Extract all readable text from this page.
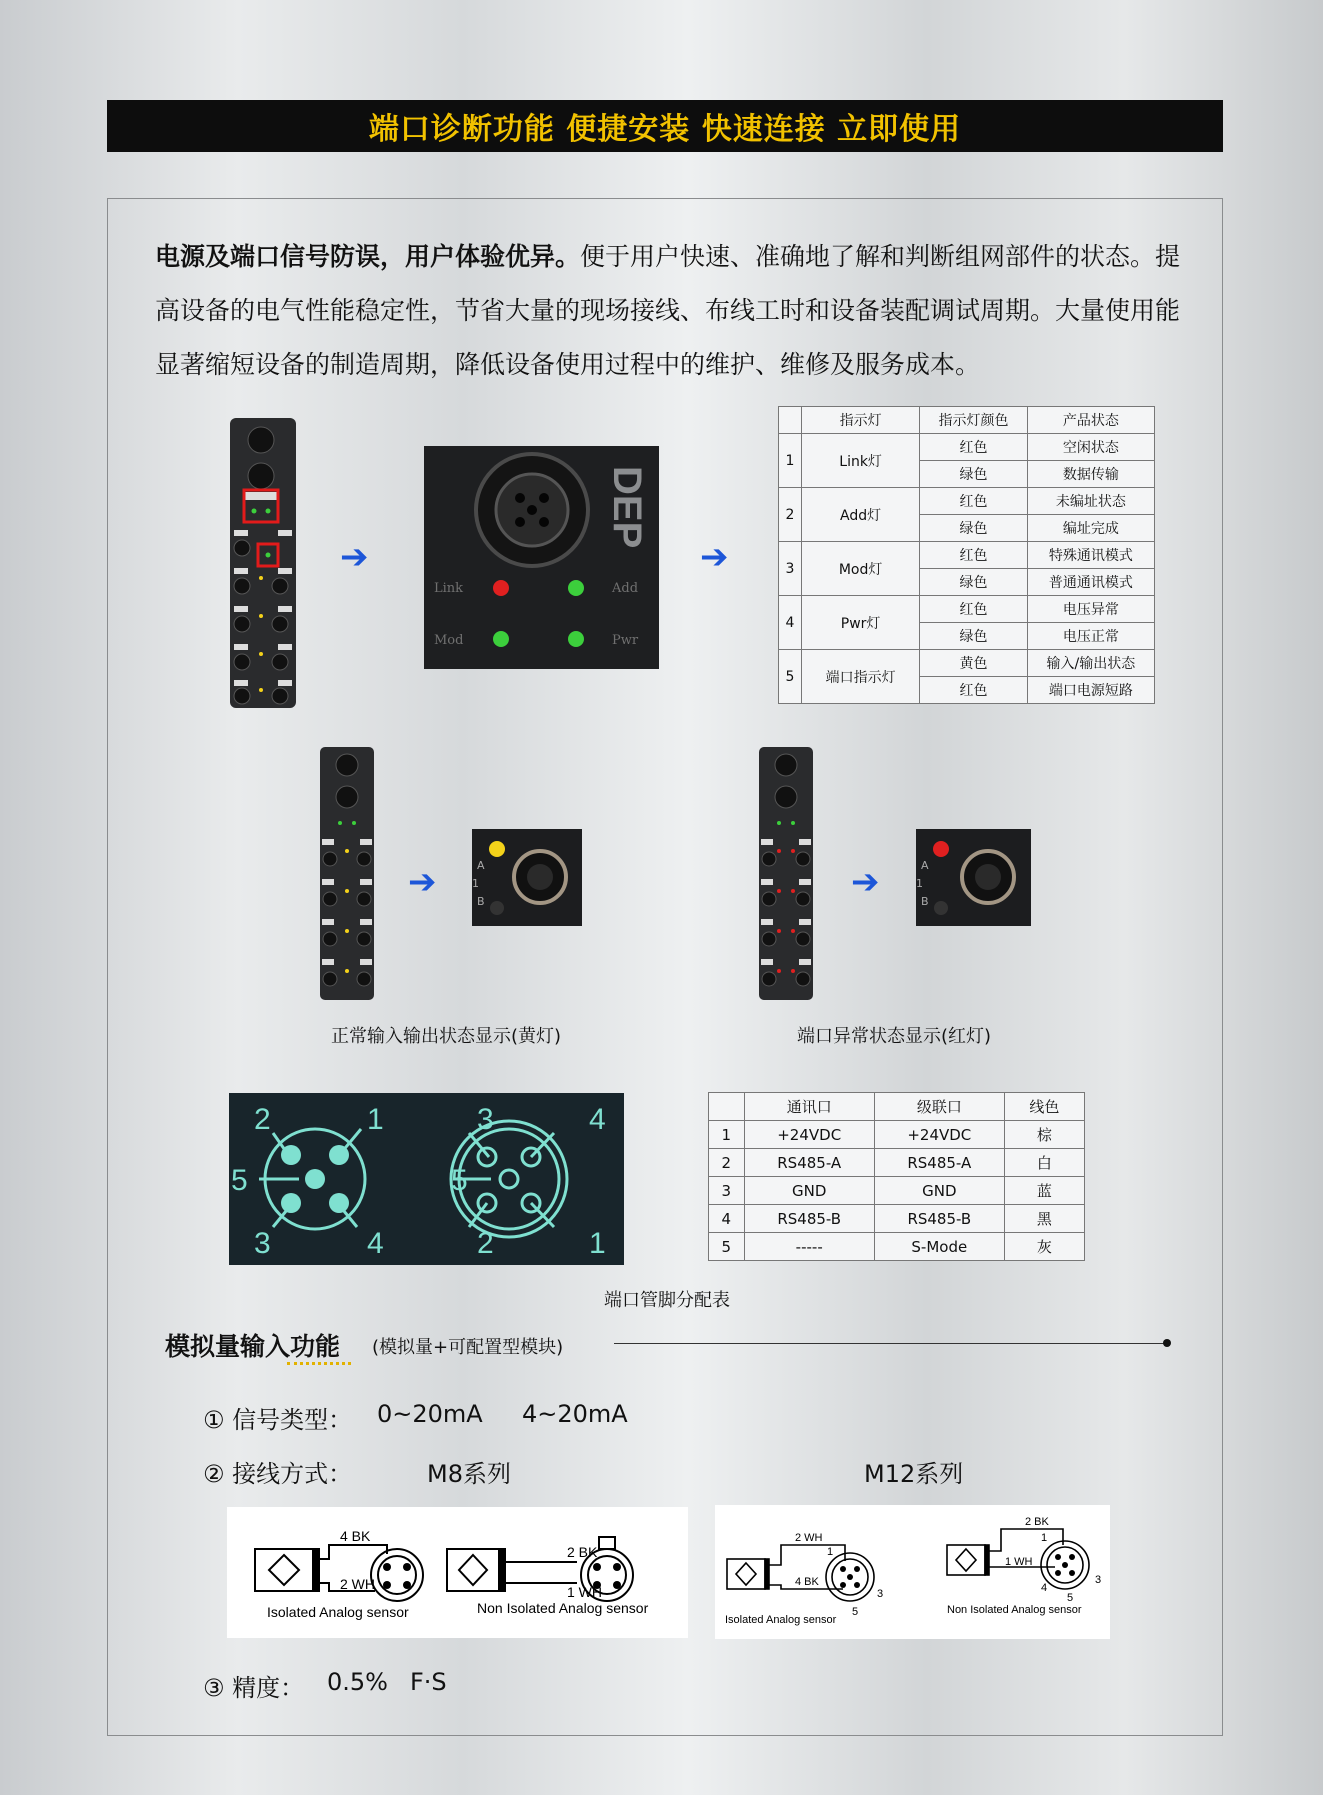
端口诊断功能 便捷安装 快速连接 立即使用
电源及端口信号防误，用户体验优异。便于用户快速、准确地了解和判断组网部件的状态。提高设备的电气性能稳定性，节省大量的现场接线、布线工时和设备装配调试周期。大量使用能显著缩短设备的制造周期，降低设备使用过程中的维护、维修及服务成本。
➔
DEP
Link	Add
Mod	Pwr
➔
	指示灯	指示灯颜色	产品状态
1	Link灯	红色	空闲状态
		绿色	数据传输
2	Add灯	红色	未编址状态
		绿色	编址完成
3	Mod灯	红色	特殊通讯模式
		绿色	普通通讯模式
4	Pwr灯	红色	电压异常
		绿色	电压正常
5	端口指示灯	黄色	输入/输出状态
		红色	端口电源短路
➔	A
1
B	➔	A
1
B
正常输入输出状态显示(黄灯)	端口异常状态显示(红灯)
2	1
5
3	4
3	4
5
2	1
	通讯口	级联口	线色
1	+24VDC	+24VDC	棕
2	RS485-A	RS485-A	白
3	GND	GND	蓝
4	RS485-B	RS485-B	黑
5	-----	S-Mode	灰
端口管脚分配表
模拟量输入功能 (模拟量+可配置型模块)
① 信号类型： 0~20mA 4~20mA
② 接线方式：	M8系列	M12系列
4 BK
2 WH
Isolated Analog sensor
2 BK
1 WH
Non Isolated Analog sensor
2 WH
4 BK
1
3
5
Isolated Analog sensor
2 BK
1 WH
1
3
4
5
Non Isolated Analog sensor
③ 精度： 0.5% F·S
